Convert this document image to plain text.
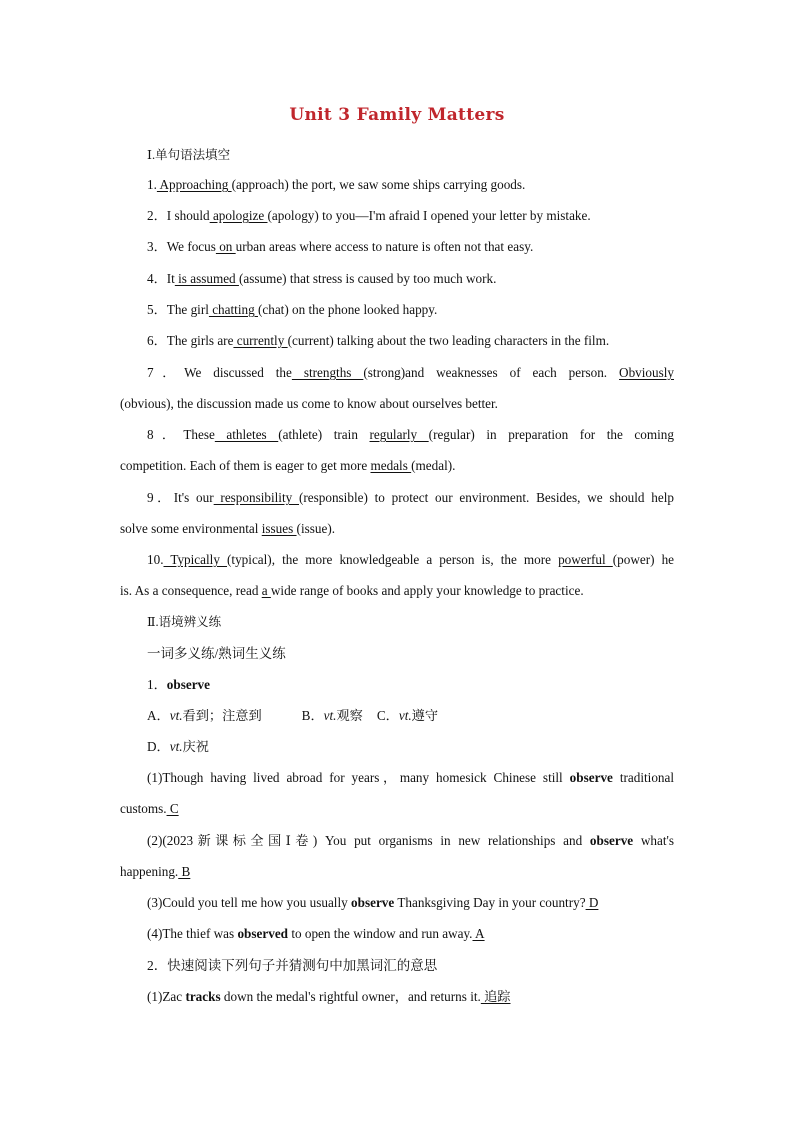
Unit 3 Family Matters
Ⅰ.单句语法填空
1. Approaching (approach) the port, we saw some ships carrying goods.
2．I should apologize (apology) to you—I'm afraid I opened your letter by mistake.
3．We focus on urban areas where access to nature is often not that easy.
4．It is assumed (assume) that stress is caused by too much work.
5．The girl chatting (chat) on the phone looked happy.
6．The girls are currently (current) talking about the two leading characters in the film.
7．We discussed the strengths (strong)and weaknesses of each person. Obviously
(obvious), the discussion made us come to know about ourselves better.
8．These athletes (athlete) train regularly (regular) in preparation for the coming
competition. Each of them is eager to get more medals (medal).
9．It's our responsibility (responsible) to protect our environment. Besides, we should help
solve some environmental issues (issue).
10. Typically (typical), the more knowledgeable a person is, the more powerful (power) he
is. As a consequence, read a wide range of books and apply your knowledge to practice.
Ⅱ.语境辨义练
一词多义练/熟词生义练
1．observe
A．vt.看到；注意到	B．vt.观察 C．vt.遵守
D．vt.庆祝
(1)Though having lived abroad for years，many homesick Chinese still observe traditional
customs. C
(2)(2023新课标全国Ⅰ卷) You put organisms in new relationships and observe what's
happening. B
(3)Could you tell me how you usually observe Thanksgiving Day in your country? D
(4)The thief was observed to open the window and run away. A
2．快速阅读下列句子并猜测句中加黑词汇的意思
(1)Zac tracks down the medal's rightful owner，and returns it. 追踪
